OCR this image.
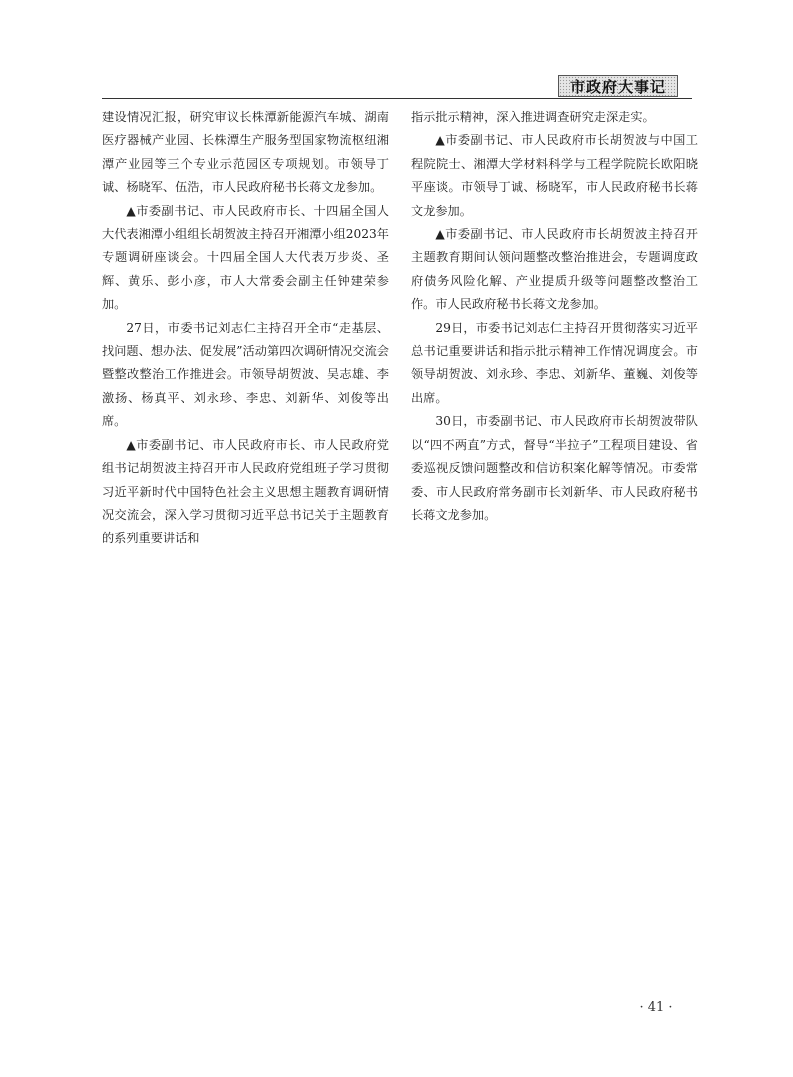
市政府大事记

建设情况汇报，研究审议长株潭新能源汽车城、湖南医疗器械产业园、长株潭生产服务型国家物流枢纽湘潭产业园等三个专业示范园区专项规划。市领导丁诚、杨晓军、伍浩，市人民政府秘书长蒋文龙参加。

▲市委副书记、市人民政府市长、十四届全国人大代表湘潭小组组长胡贺波主持召开湘潭小组2023年专题调研座谈会。十四届全国人大代表万步炎、圣辉、黄乐、彭小彦，市人大常委会副主任钟建荣参加。

27日，市委书记刘志仁主持召开全市“走基层、找问题、想办法、促发展”活动第四次调研情况交流会暨整改整治工作推进会。市领导胡贺波、吴志雄、李激扬、杨真平、刘永珍、李忠、刘新华、刘俊等出席。

▲市委副书记、市人民政府市长、市人民政府党组书记胡贺波主持召开市人民政府党组班子学习贯彻习近平新时代中国特色社会主义思想主题教育调研情况交流会，深入学习贯彻习近平总书记关于主题教育的系列重要讲话和

指示批示精神，深入推进调查研究走深走实。

▲市委副书记、市人民政府市长胡贺波与中国工程院院士、湘潭大学材料科学与工程学院院长欧阳晓平座谈。市领导丁诚、杨晓军，市人民政府秘书长蒋文龙参加。

▲市委副书记、市人民政府市长胡贺波主持召开主题教育期间认领问题整改整治推进会，专题调度政府债务风险化解、产业提质升级等问题整改整治工作。市人民政府秘书长蒋文龙参加。

29日，市委书记刘志仁主持召开贯彻落实习近平总书记重要讲话和指示批示精神工作情况调度会。市领导胡贺波、刘永珍、李忠、刘新华、董巍、刘俊等出席。

30日，市委副书记、市人民政府市长胡贺波带队以“四不两直”方式，督导“半拉子”工程项目建设、省委巡视反馈问题整改和信访积案化解等情况。市委常委、市人民政府常务副市长刘新华、市人民政府秘书长蒋文龙参加。

· 41 ·
